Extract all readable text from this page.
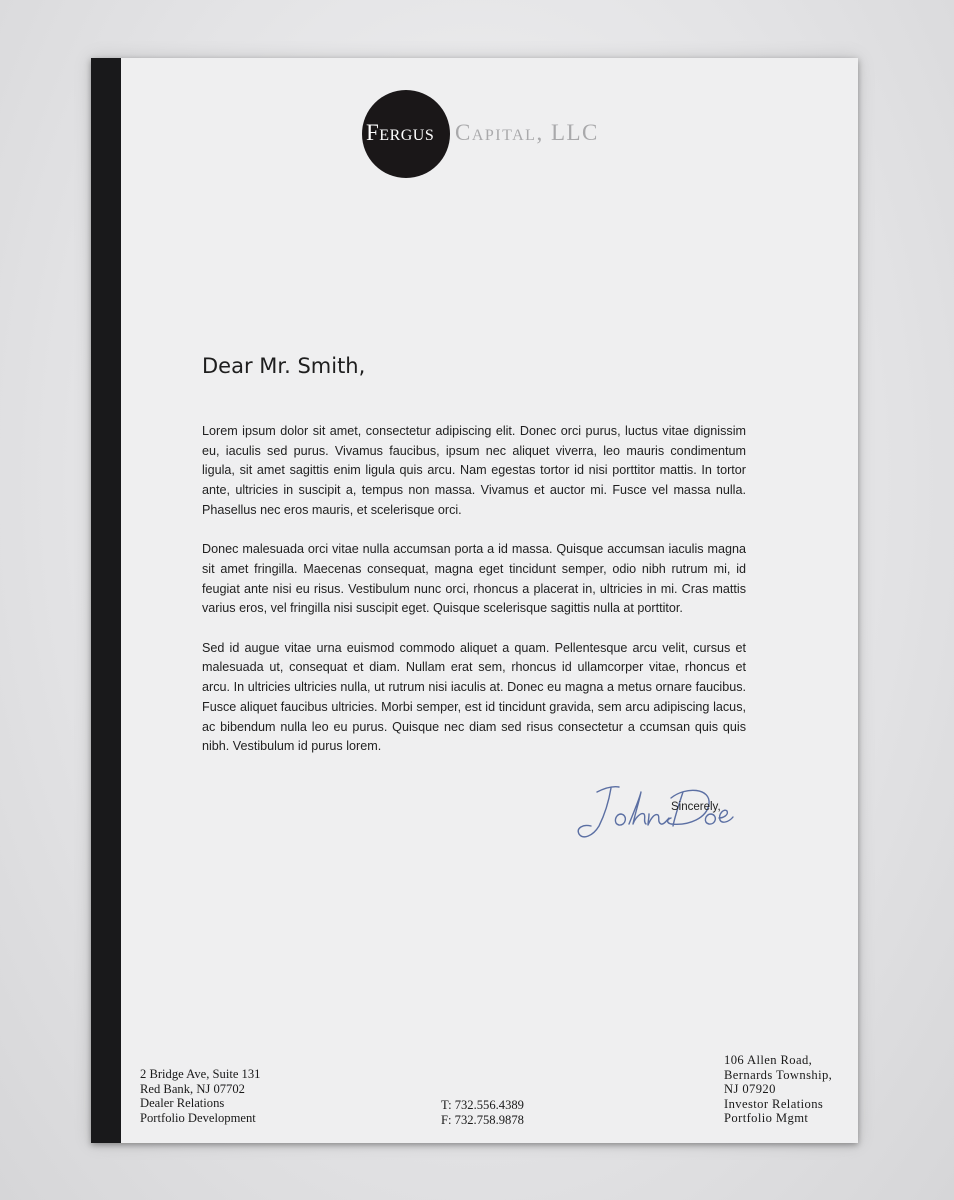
Fergus Capital, LLC
Dear Mr. Smith,

Lorem ipsum dolor sit amet, consectetur adipiscing elit. Donec orci purus, luctus vitae dignissim eu, iaculis sed purus. Vivamus faucibus, ipsum nec aliquet viverra, leo mauris condimentum ligula, sit amet sagittis enim ligula quis arcu. Nam egestas tortor id nisi porttitor mattis. In tortor ante, ultricies in suscipit a, tempus non massa. Vivamus et auctor mi. Fusce vel massa nulla. Phasellus nec eros mauris, et scelerisque orci.

Donec malesuada orci vitae nulla accumsan porta a id massa. Quisque accumsan iaculis magna sit amet fringilla. Maecenas consequat, magna eget tincidunt semper, odio nibh rutrum mi, id feugiat ante nisi eu risus. Vestibulum nunc orci, rhoncus a placerat in, ultricies in mi. Cras mattis varius eros, vel fringilla nisi suscipit eget. Quisque scelerisque sagittis nulla at porttitor.

Sed id augue vitae urna euismod commodo aliquet a quam. Pellentesque arcu velit, cursus et malesuada ut, consequat et diam. Nullam erat sem, rhoncus id ullamcorper vitae, rhoncus et arcu. In ultricies ultricies nulla, ut rutrum nisi iaculis at. Donec eu magna a metus ornare faucibus. Fusce aliquet faucibus ultricies. Morbi semper, est id tincidunt gravida, sem arcu adipiscing lacus, ac bibendum nulla leo eu purus. Quisque nec diam sed risus consectetur a ccumsan quis quis nibh. Vestibulum id purus lorem.

Sincerely,
2 Bridge Ave, Suite 131
Red Bank, NJ 07702
Dealer Relations
Portfolio Development
T: 732.556.4389
F: 732.758.9878
106 Allen Road,
Bernards Township,
NJ 07920
Investor Relations
Portfolio Mgmt
